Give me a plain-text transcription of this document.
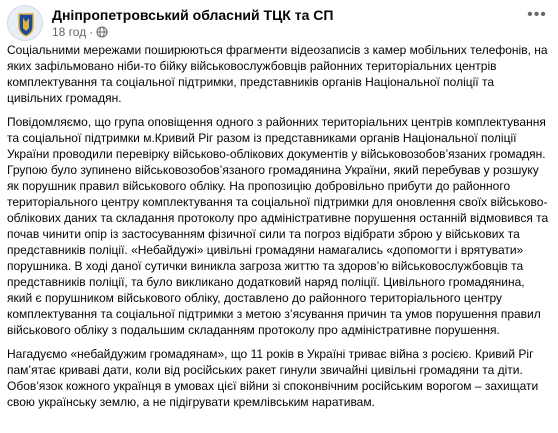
Дніпропетровський обласний ТЦК та СП
18 год ·
•••

Соціальними мережами поширюються фрагменти відеозаписів з камер мобільних телефонів, на яких зафільмовано ніби-то бійку військовослужбовців районних територіальних центрів комплектування та соціальної підтримки, представників органів Національної поліції та цивільних громадян.

Повідомляємо, що група оповіщення одного з районних територіальних центрів комплектування та соціальної підтримки м.Кривий Ріг разом із представниками органів Національної поліції України проводили перевірку військово-облікових документів у військовозобов’язаних громадян. Групою було зупинено військовозобов’язаного громадянина України, який перебував у розшуку як порушник правил військового обліку. На пропозицію добровільно прибути до районного територіального центру комплектування та соціальної підтримки для оновлення своїх військово-облікових даних та складання протоколу про адміністративне порушення останній відмовився та почав чинити опір із застосуванням фізичної сили та погроз відібрати зброю у військових та представників поліції. «Небайдужі» цивільні громадяни намагались «допомогти і врятувати» порушника. В ході даної сутички виникла загроза життю та здоров’ю військовослужбовців та представників поліції, та було викликано додатковий наряд поліції. Цивільного громадянина, який є порушником військового обліку, доставлено до районного територіального центру комплектування та соціальної підтримки з метою з’ясування причин та умов порушення правил військового обліку з подальшим складанням протоколу про адміністративне порушення.

Нагадуємо «небайдужим громадянам», що 11 років в Україні триває війна з росією. Кривий Ріг пам’ятає криваві дати, коли від російських ракет гинули звичайні цивільні громадяни та діти. Обов’язок кожного українця в умовах цієї війни зі споконвічним російським ворогом – захищати свою українську землю, а не підігрувати кремлівським наративам.
